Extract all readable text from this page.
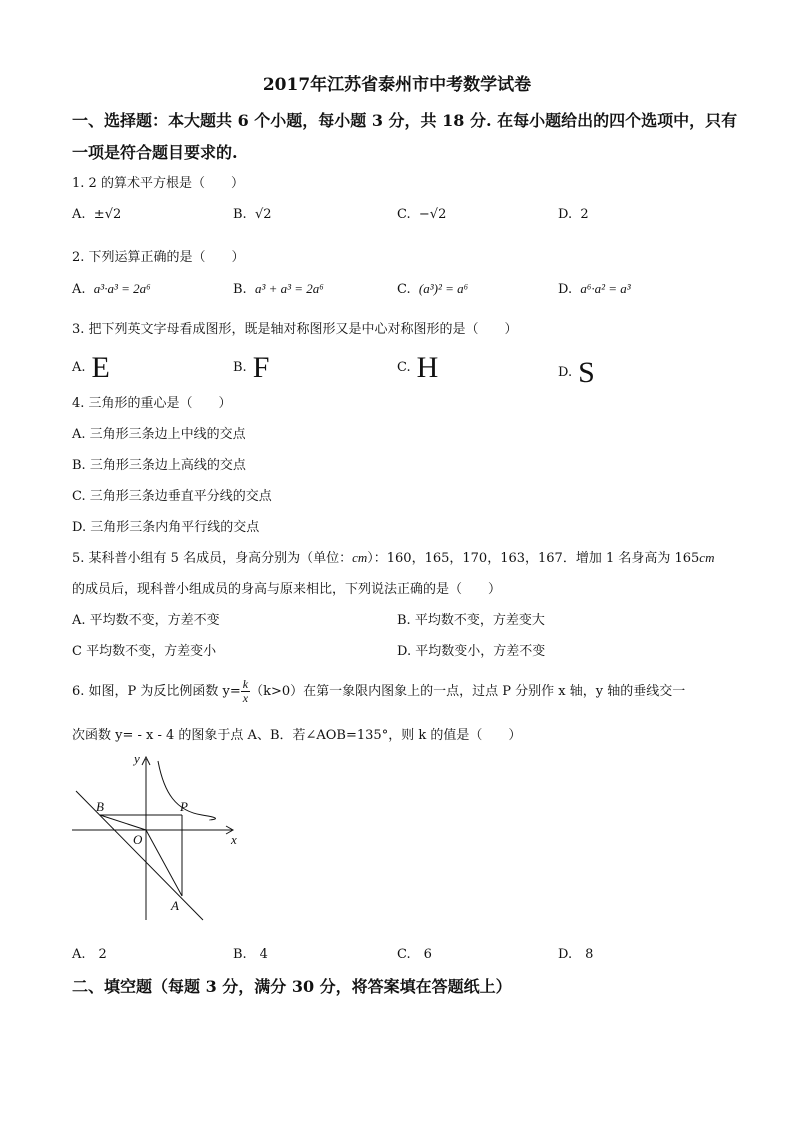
2017年江苏省泰州市中考数学试卷
一、选择题：本大题共 6 个小题，每小题 3 分，共 18 分. 在每小题给出的四个选项中，只有
一项是符合题目要求的.
1. 2 的算术平方根是（　　）
A. ±√2	B. √2	C. −√2	D. 2
2. 下列运算正确的是（　　）
A. a³·a³ = 2a⁶	B. a³ + a³ = 2a⁶	C. (a³)² = a⁶	D. a⁶·a² = a³
3. 把下列英文字母看成图形，既是轴对称图形又是中心对称图形的是（　　）
A. E	B. F	C. H	D. S
4. 三角形的重心是（　　）
A. 三角形三条边上中线的交点
B. 三角形三条边上高线的交点
C. 三角形三条边垂直平分线的交点
D. 三角形三条内角平行线的交点
5. 某科普小组有 5 名成员，身高分别为（单位：cm）：160，165，170，163，167．增加 1 名身高为 165cm
的成员后，现科普小组成员的身高与原来相比，下列说法正确的是（　　）
A. 平均数不变，方差不变	B. 平均数不变，方差变大
C 平均数不变，方差变小	D. 平均数变小，方差不变
6. 如图，P 为反比例函数 $y= \frac{k}{x} (k>0)$在第一象限内图象上的一点，过点 P 分别作 x 轴，y 轴的垂线交一
次函数 y= - x - 4 的图象于点 A、B．若∠AOB=135°，则 k 的值是（　　）
y
x
B	P
O
A
A.　2	B.　4	C.　6	D.　8
二、填空题（每题 3 分，满分 30 分，将答案填在答题纸上）
